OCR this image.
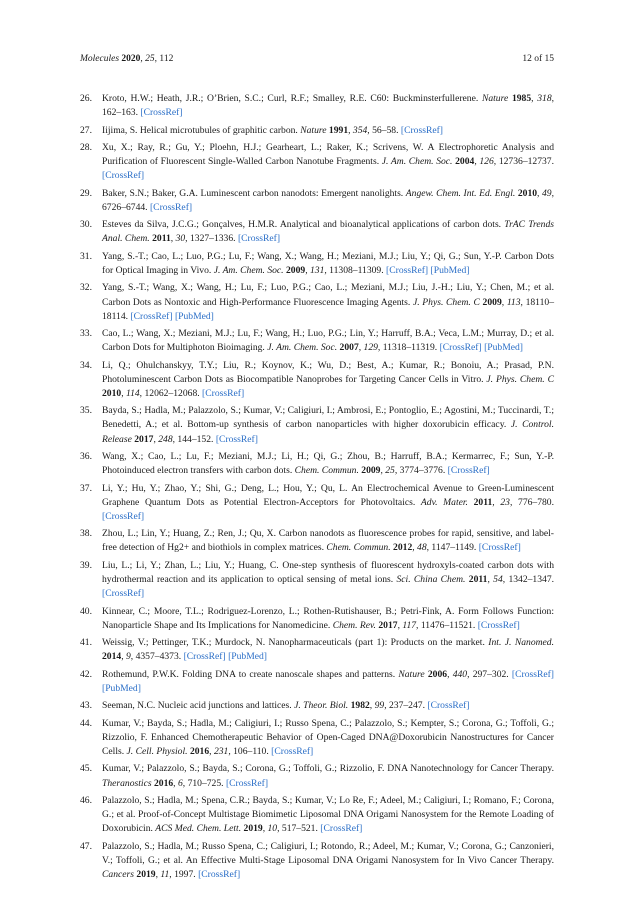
Molecules 2020, 25, 112	12 of 15
26. Kroto, H.W.; Heath, J.R.; O’Brien, S.C.; Curl, R.F.; Smalley, R.E. C60: Buckminsterfullerene. Nature 1985, 318, 162–163. [CrossRef]
27. Iijima, S. Helical microtubules of graphitic carbon. Nature 1991, 354, 56–58. [CrossRef]
28. Xu, X.; Ray, R.; Gu, Y.; Ploehn, H.J.; Gearheart, L.; Raker, K.; Scrivens, W. A Electrophoretic Analysis and Purification of Fluorescent Single-Walled Carbon Nanotube Fragments. J. Am. Chem. Soc. 2004, 126, 12736–12737. [CrossRef]
29. Baker, S.N.; Baker, G.A. Luminescent carbon nanodots: Emergent nanolights. Angew. Chem. Int. Ed. Engl. 2010, 49, 6726–6744. [CrossRef]
30. Esteves da Silva, J.C.G.; Gonçalves, H.M.R. Analytical and bioanalytical applications of carbon dots. TrAC Trends Anal. Chem. 2011, 30, 1327–1336. [CrossRef]
31. Yang, S.-T.; Cao, L.; Luo, P.G.; Lu, F.; Wang, X.; Wang, H.; Meziani, M.J.; Liu, Y.; Qi, G.; Sun, Y.-P. Carbon Dots for Optical Imaging in Vivo. J. Am. Chem. Soc. 2009, 131, 11308–11309. [CrossRef] [PubMed]
32. Yang, S.-T.; Wang, X.; Wang, H.; Lu, F.; Luo, P.G.; Cao, L.; Meziani, M.J.; Liu, J.-H.; Liu, Y.; Chen, M.; et al. Carbon Dots as Nontoxic and High-Performance Fluorescence Imaging Agents. J. Phys. Chem. C 2009, 113, 18110–18114. [CrossRef] [PubMed]
33. Cao, L.; Wang, X.; Meziani, M.J.; Lu, F.; Wang, H.; Luo, P.G.; Lin, Y.; Harruff, B.A.; Veca, L.M.; Murray, D.; et al. Carbon Dots for Multiphoton Bioimaging. J. Am. Chem. Soc. 2007, 129, 11318–11319. [CrossRef] [PubMed]
34. Li, Q.; Ohulchanskyy, T.Y.; Liu, R.; Koynov, K.; Wu, D.; Best, A.; Kumar, R.; Bonoiu, A.; Prasad, P.N. Photoluminescent Carbon Dots as Biocompatible Nanoprobes for Targeting Cancer Cells in Vitro. J. Phys. Chem. C 2010, 114, 12062–12068. [CrossRef]
35. Bayda, S.; Hadla, M.; Palazzolo, S.; Kumar, V.; Caligiuri, I.; Ambrosi, E.; Pontoglio, E.; Agostini, M.; Tuccinardi, T.; Benedetti, A.; et al. Bottom-up synthesis of carbon nanoparticles with higher doxorubicin efficacy. J. Control. Release 2017, 248, 144–152. [CrossRef]
36. Wang, X.; Cao, L.; Lu, F.; Meziani, M.J.; Li, H.; Qi, G.; Zhou, B.; Harruff, B.A.; Kermarrec, F.; Sun, Y.-P. Photoinduced electron transfers with carbon dots. Chem. Commun. 2009, 25, 3774–3776. [CrossRef]
37. Li, Y.; Hu, Y.; Zhao, Y.; Shi, G.; Deng, L.; Hou, Y.; Qu, L. An Electrochemical Avenue to Green-Luminescent Graphene Quantum Dots as Potential Electron-Acceptors for Photovoltaics. Adv. Mater. 2011, 23, 776–780. [CrossRef]
38. Zhou, L.; Lin, Y.; Huang, Z.; Ren, J.; Qu, X. Carbon nanodots as fluorescence probes for rapid, sensitive, and label-free detection of Hg2+ and biothiols in complex matrices. Chem. Commun. 2012, 48, 1147–1149. [CrossRef]
39. Liu, L.; Li, Y.; Zhan, L.; Liu, Y.; Huang, C. One-step synthesis of fluorescent hydroxyls-coated carbon dots with hydrothermal reaction and its application to optical sensing of metal ions. Sci. China Chem. 2011, 54, 1342–1347. [CrossRef]
40. Kinnear, C.; Moore, T.L.; Rodriguez-Lorenzo, L.; Rothen-Rutishauser, B.; Petri-Fink, A. Form Follows Function: Nanoparticle Shape and Its Implications for Nanomedicine. Chem. Rev. 2017, 117, 11476–11521. [CrossRef]
41. Weissig, V.; Pettinger, T.K.; Murdock, N. Nanopharmaceuticals (part 1): Products on the market. Int. J. Nanomed. 2014, 9, 4357–4373. [CrossRef] [PubMed]
42. Rothemund, P.W.K. Folding DNA to create nanoscale shapes and patterns. Nature 2006, 440, 297–302. [CrossRef] [PubMed]
43. Seeman, N.C. Nucleic acid junctions and lattices. J. Theor. Biol. 1982, 99, 237–247. [CrossRef]
44. Kumar, V.; Bayda, S.; Hadla, M.; Caligiuri, I.; Russo Spena, C.; Palazzolo, S.; Kempter, S.; Corona, G.; Toffoli, G.; Rizzolio, F. Enhanced Chemotherapeutic Behavior of Open-Caged DNA@Doxorubicin Nanostructures for Cancer Cells. J. Cell. Physiol. 2016, 231, 106–110. [CrossRef]
45. Kumar, V.; Palazzolo, S.; Bayda, S.; Corona, G.; Toffoli, G.; Rizzolio, F. DNA Nanotechnology for Cancer Therapy. Theranostics 2016, 6, 710–725. [CrossRef]
46. Palazzolo, S.; Hadla, M.; Spena, C.R.; Bayda, S.; Kumar, V.; Lo Re, F.; Adeel, M.; Caligiuri, I.; Romano, F.; Corona, G.; et al. Proof-of-Concept Multistage Biomimetic Liposomal DNA Origami Nanosystem for the Remote Loading of Doxorubicin. ACS Med. Chem. Lett. 2019, 10, 517–521. [CrossRef]
47. Palazzolo, S.; Hadla, M.; Russo Spena, C.; Caligiuri, I.; Rotondo, R.; Adeel, M.; Kumar, V.; Corona, G.; Canzonieri, V.; Toffoli, G.; et al. An Effective Multi-Stage Liposomal DNA Origami Nanosystem for In Vivo Cancer Therapy. Cancers 2019, 11, 1997. [CrossRef]
